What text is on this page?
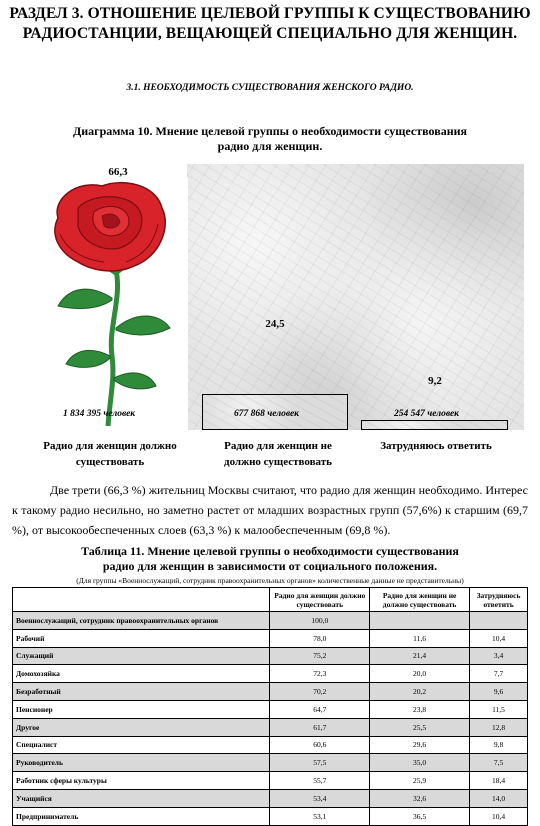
РАЗДЕЛ 3. ОТНОШЕНИЕ ЦЕЛЕВОЙ ГРУППЫ К СУЩЕСТВОВАНИЮ
РАДИОСТАНЦИИ, ВЕЩАЮЩЕЙ СПЕЦИАЛЬНО ДЛЯ ЖЕНЩИН.
3.1. НЕОБХОДИМОСТЬ СУЩЕСТВОВАНИЯ ЖЕНСКОГО РАДИО.
Диаграмма 10. Мнение целевой группы о необходимости существования
радио для женщин.
66,3
24,5
9,2
1 834 395 человек	677 868 человек	254 547 человек
Радио для женщин должно
существовать
Радио для женщин не
должно существовать
Затрудняюсь ответить
Две трети (66,3 %) жительниц Москвы считают, что радио для женщин необходимо. Интерес к такому радио несильно, но заметно растет от младших возрастных групп (57,6%) к старшим (69,7 %), от высокообеспеченных слоев (63,3 %) к малообеспеченным (69,8 %).
Таблица 11. Мнение целевой группы о необходимости существования
радио для женщин в зависимости от социального положения.
(Для группы «Военнослужащий, сотрудник правоохранительных органов» количественные данные не представительны)
	Радио для женщин должно существовать	Радио для женщин не должно существовать	Затрудняюсь ответить
Военнослужащий, сотрудник правоохранительных органов	100,0		
Рабочий	78,0	11,6	10,4
Служащий	75,2	21,4	3,4
Домохозяйка	72,3	20,0	7,7
Безработный	70,2	20,2	9,6
Пенсионер	64,7	23,8	11,5
Другое	61,7	25,5	12,8
Специалист	60,6	29,6	9,8
Руководитель	57,5	35,0	7,5
Работник сферы культуры	55,7	25,9	18,4
Учащийся	53,4	32,6	14,0
Предприниматель	53,1	36,5	10,4
